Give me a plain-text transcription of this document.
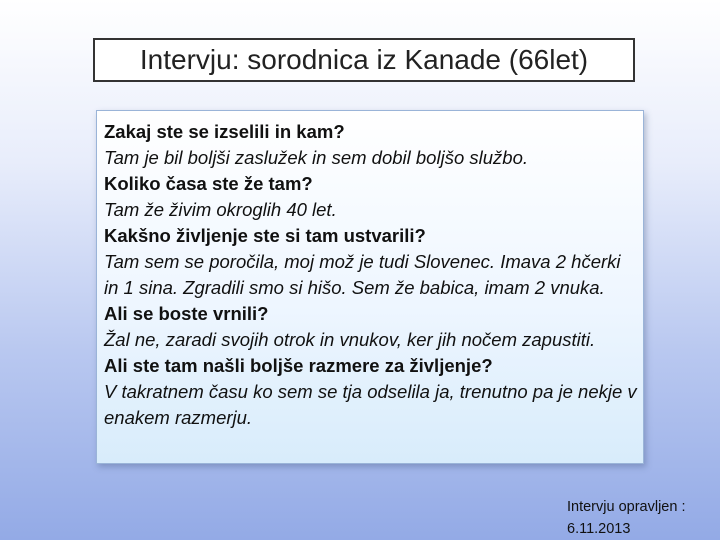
Intervju: sorodnica iz Kanade (66let)
Zakaj ste se izselili in kam?
Tam je bil boljši zaslužek in sem dobil boljšo službo.
Koliko časa ste že tam?
Tam že živim okroglih 40 let.
Kakšno življenje ste si tam ustvarili?
Tam sem se poročila, moj mož je tudi Slovenec. Imava 2 hčerki in 1 sina. Zgradili smo si hišo. Sem že babica, imam 2 vnuka.
Ali se boste vrnili?
Žal ne, zaradi svojih otrok in vnukov, ker jih nočem zapustiti.
Ali ste tam našli boljše razmere za življenje?
V takratnem času ko sem se tja odselila ja, trenutno pa je nekje v enakem razmerju.
Intervju opravljen :
6.11.2013
